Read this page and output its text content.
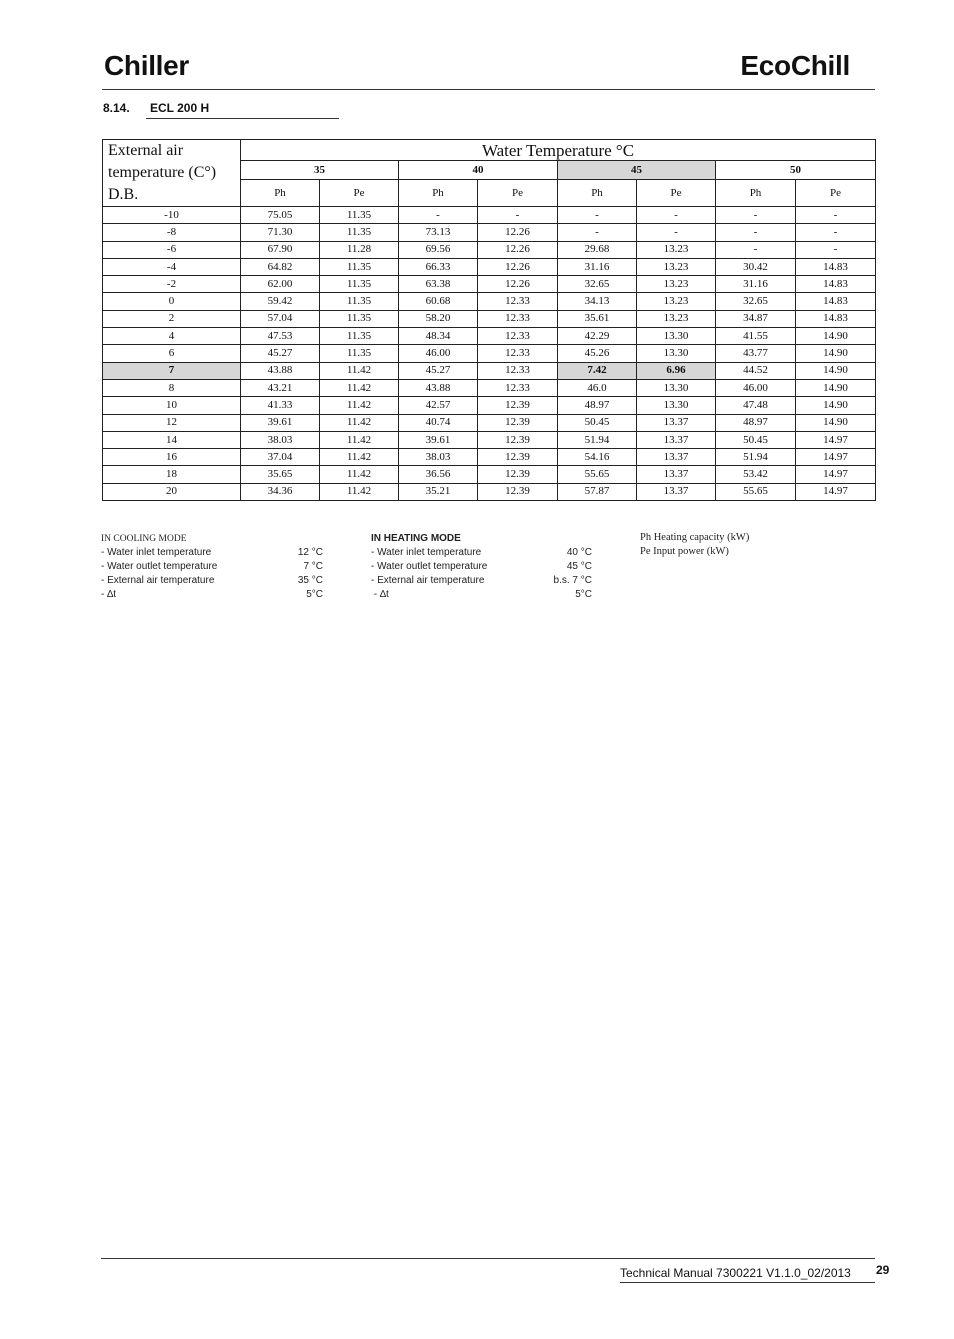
Chiller	EcoChill
8.14. ECL 200 H
External air temperature (C°) D.B.	Water Temperature °C							
	35		40		45		50	
	Ph	Pe	Ph	Pe	Ph	Pe	Ph	Pe
-10	75.05	11.35	-	-	-	-	-	-
-8	71.30	11.35	73.13	12.26	-	-	-	-
-6	67.90	11.28	69.56	12.26	29.68	13.23	-	-
-4	64.82	11.35	66.33	12.26	31.16	13.23	30.42	14.83
-2	62.00	11.35	63.38	12.26	32.65	13.23	31.16	14.83
0	59.42	11.35	60.68	12.33	34.13	13.23	32.65	14.83
2	57.04	11.35	58.20	12.33	35.61	13.23	34.87	14.83
4	47.53	11.35	48.34	12.33	42.29	13.30	41.55	14.90
6	45.27	11.35	46.00	12.33	45.26	13.30	43.77	14.90
7	43.88	11.42	45.27	12.33	7.42	6.96	44.52	14.90
8	43.21	11.42	43.88	12.33	46.0	13.30	46.00	14.90
10	41.33	11.42	42.57	12.39	48.97	13.30	47.48	14.90
12	39.61	11.42	40.74	12.39	50.45	13.37	48.97	14.90
14	38.03	11.42	39.61	12.39	51.94	13.37	50.45	14.97
16	37.04	11.42	38.03	12.39	54.16	13.37	51.94	14.97
18	35.65	11.42	36.56	12.39	55.65	13.37	53.42	14.97
20	34.36	11.42	35.21	12.39	57.87	13.37	55.65	14.97
IN COOLING MODE
- Water inlet temperature	12 °C
- Water outlet temperature	7 °C
- External air temperature	35 °C
- ∆t	5°C
IN HEATING MODE
- Water inlet temperature	40 °C
- Water outlet temperature	45 °C
- External air temperature	b.s. 7 °C
- ∆t	5°C
Ph Heating capacity (kW)
Pe Input power (kW)
Technical Manual 7300221 V1.1.0_02/2013 29
